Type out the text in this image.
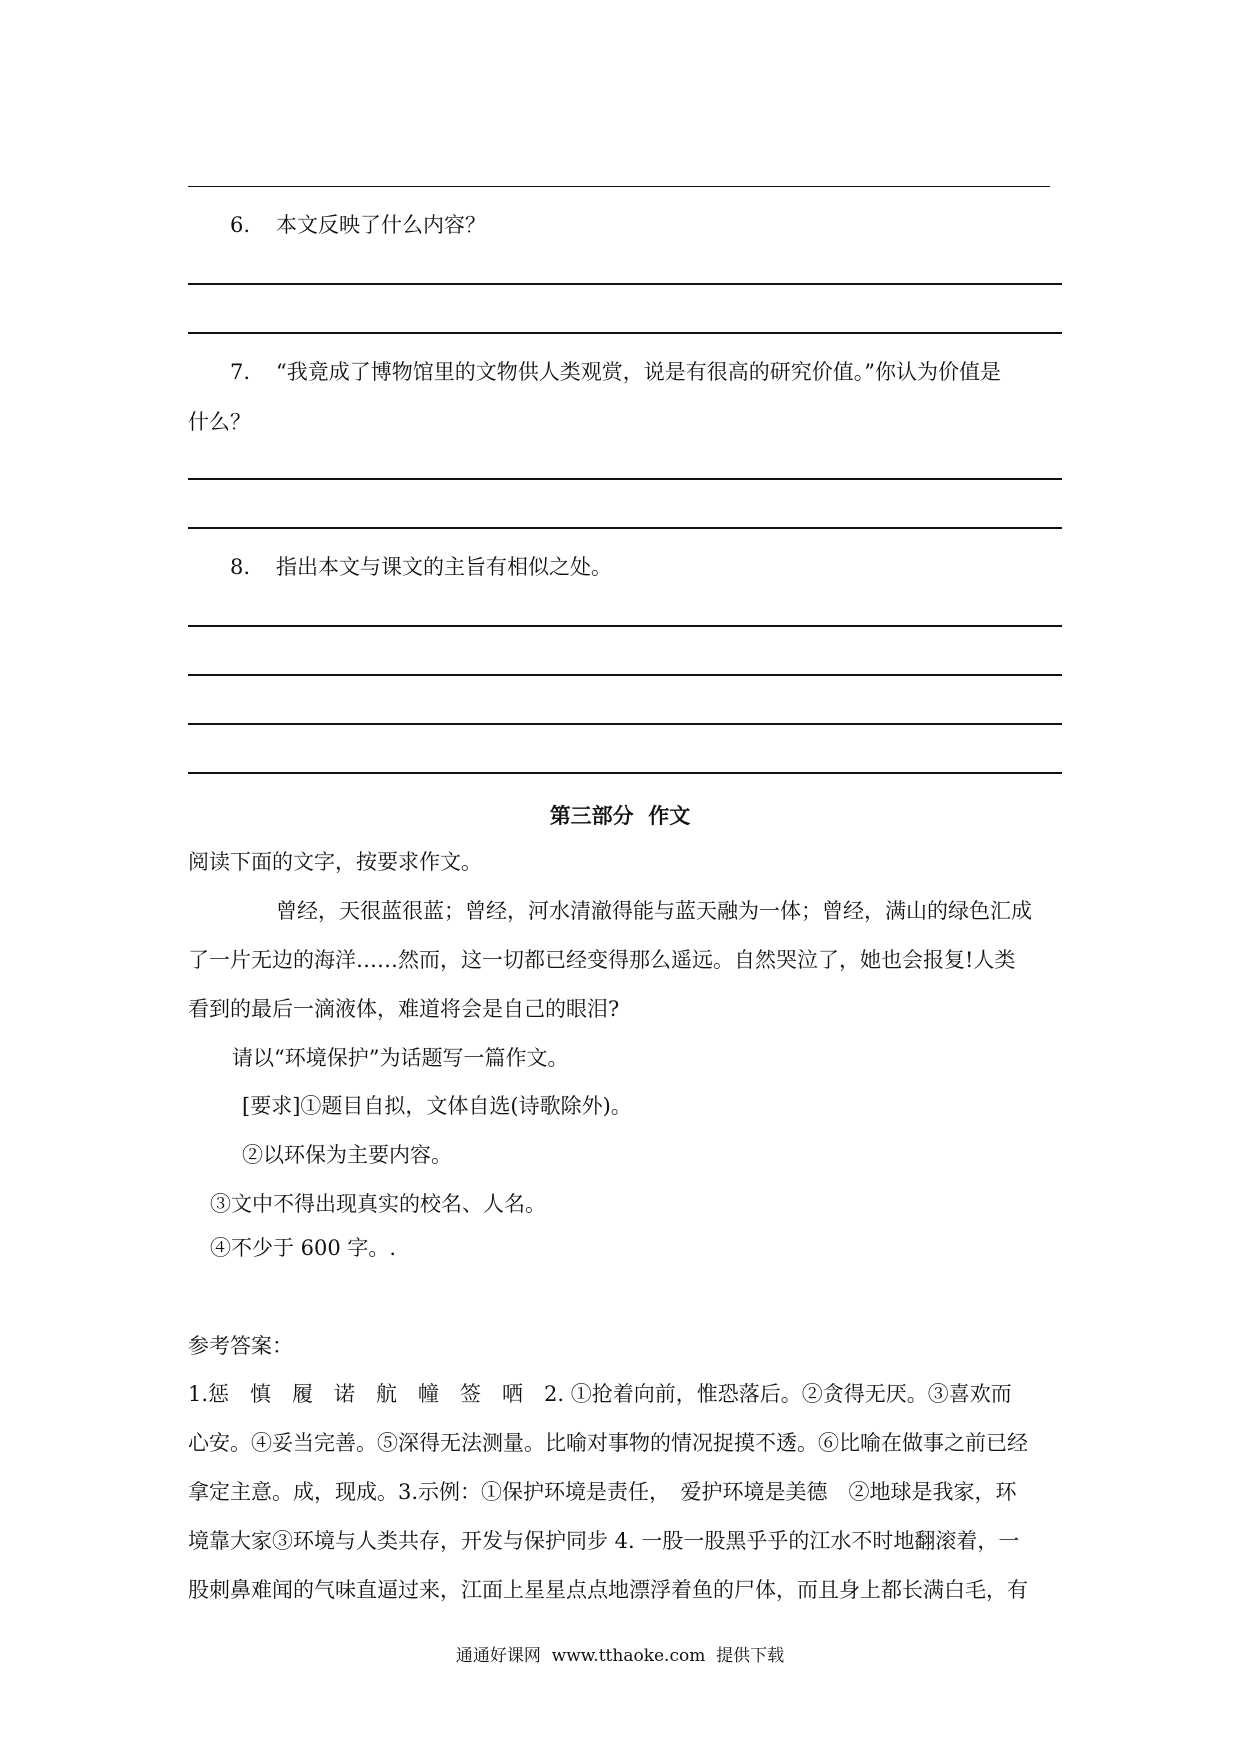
6. 本文反映了什么内容？
7. “我竟成了博物馆里的文物供人类观赏，说是有很高的研究价值。”你认为价值是
什么？
8. 指出本文与课文的主旨有相似之处。
第三部分  作文
阅读下面的文字，按要求作文。
曾经，天很蓝很蓝；曾经，河水清澈得能与蓝天融为一体；曾经，满山的绿色汇成
了一片无边的海洋……然而，这一切都已经变得那么遥远。自然哭泣了，她也会报复!人类
看到的最后一滴液体，难道将会是自己的眼泪?
请以“环境保护”为话题写一篇作文。
[要求]①题目自拟，文体自选(诗歌除外)。
②以环保为主要内容。
③文中不得出现真实的校名、人名。
④不少于 600 字。.
参考答案：
1.惩　慎　履　诺　航　幢　签　哂　2. ①抢着向前，惟恐落后。②贪得无厌。③喜欢而
心安。④妥当完善。⑤深得无法测量。比喻对事物的情况捉摸不透。⑥比喻在做事之前已经
拿定主意。成，现成。3.示例：①保护环境是责任，　爱护环境是美德　②地球是我家，环
境靠大家③环境与人类共存，开发与保护同步 4. 一股一股黑乎乎的江水不时地翻滚着，一
股刺鼻难闻的气味直逼过来，江面上星星点点地漂浮着鱼的尸体，而且身上都长满白毛，有
通通好课网  www.tthaoke.com  提供下载
